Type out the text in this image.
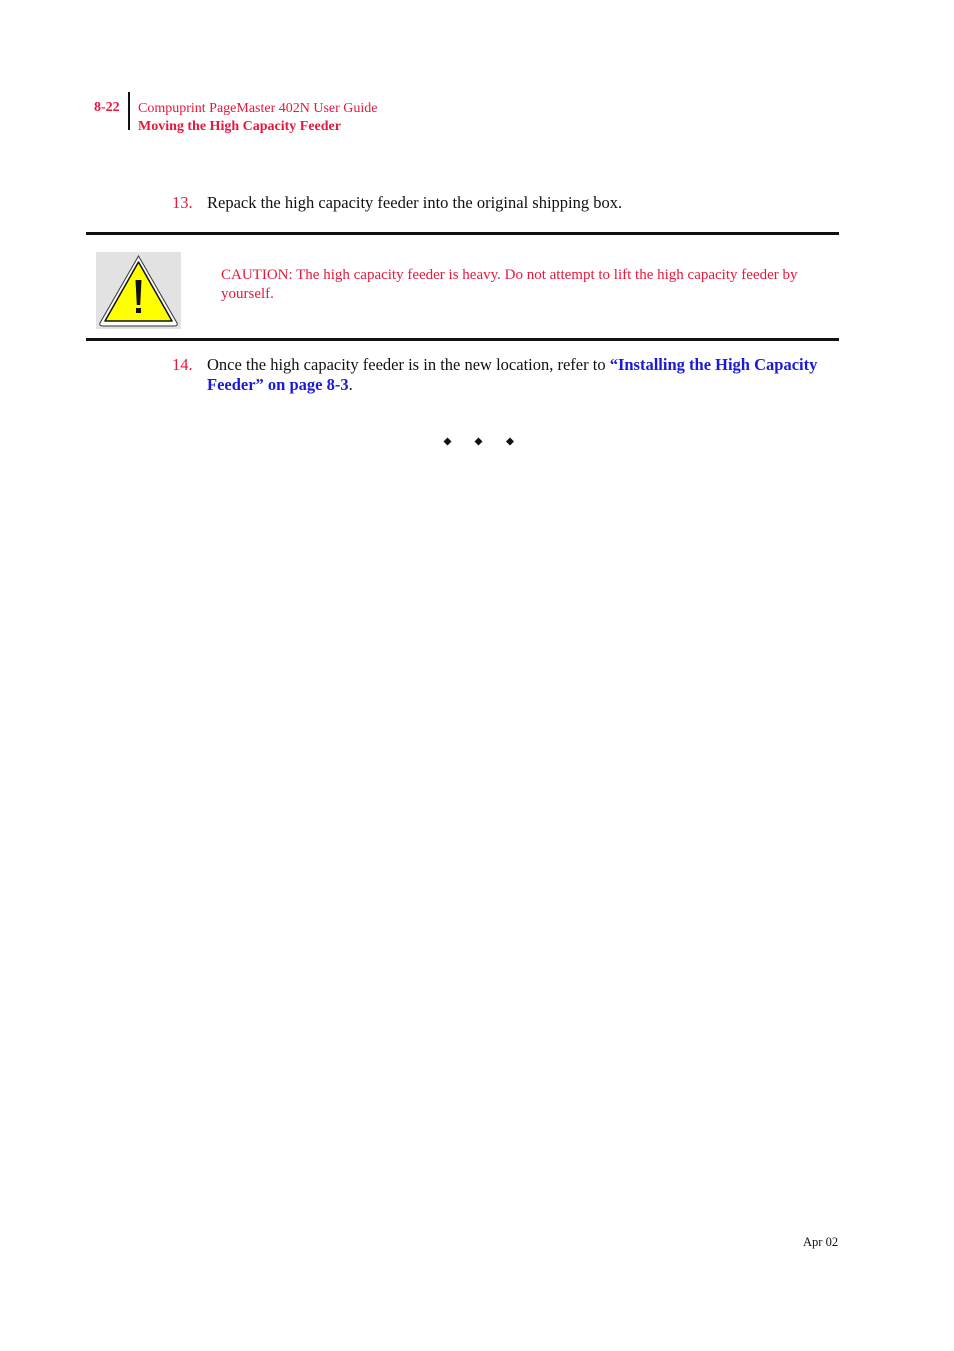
8-22 Compuprint PageMaster 402N User Guide
Moving the High Capacity Feeder
13. Repack the high capacity feeder into the original shipping box.
CAUTION: The high capacity feeder is heavy. Do not attempt to lift the high capacity feeder by yourself.
14. Once the high capacity feeder is in the new location, refer to “Installing the High Capacity Feeder” on page 8-3.
Apr 02
